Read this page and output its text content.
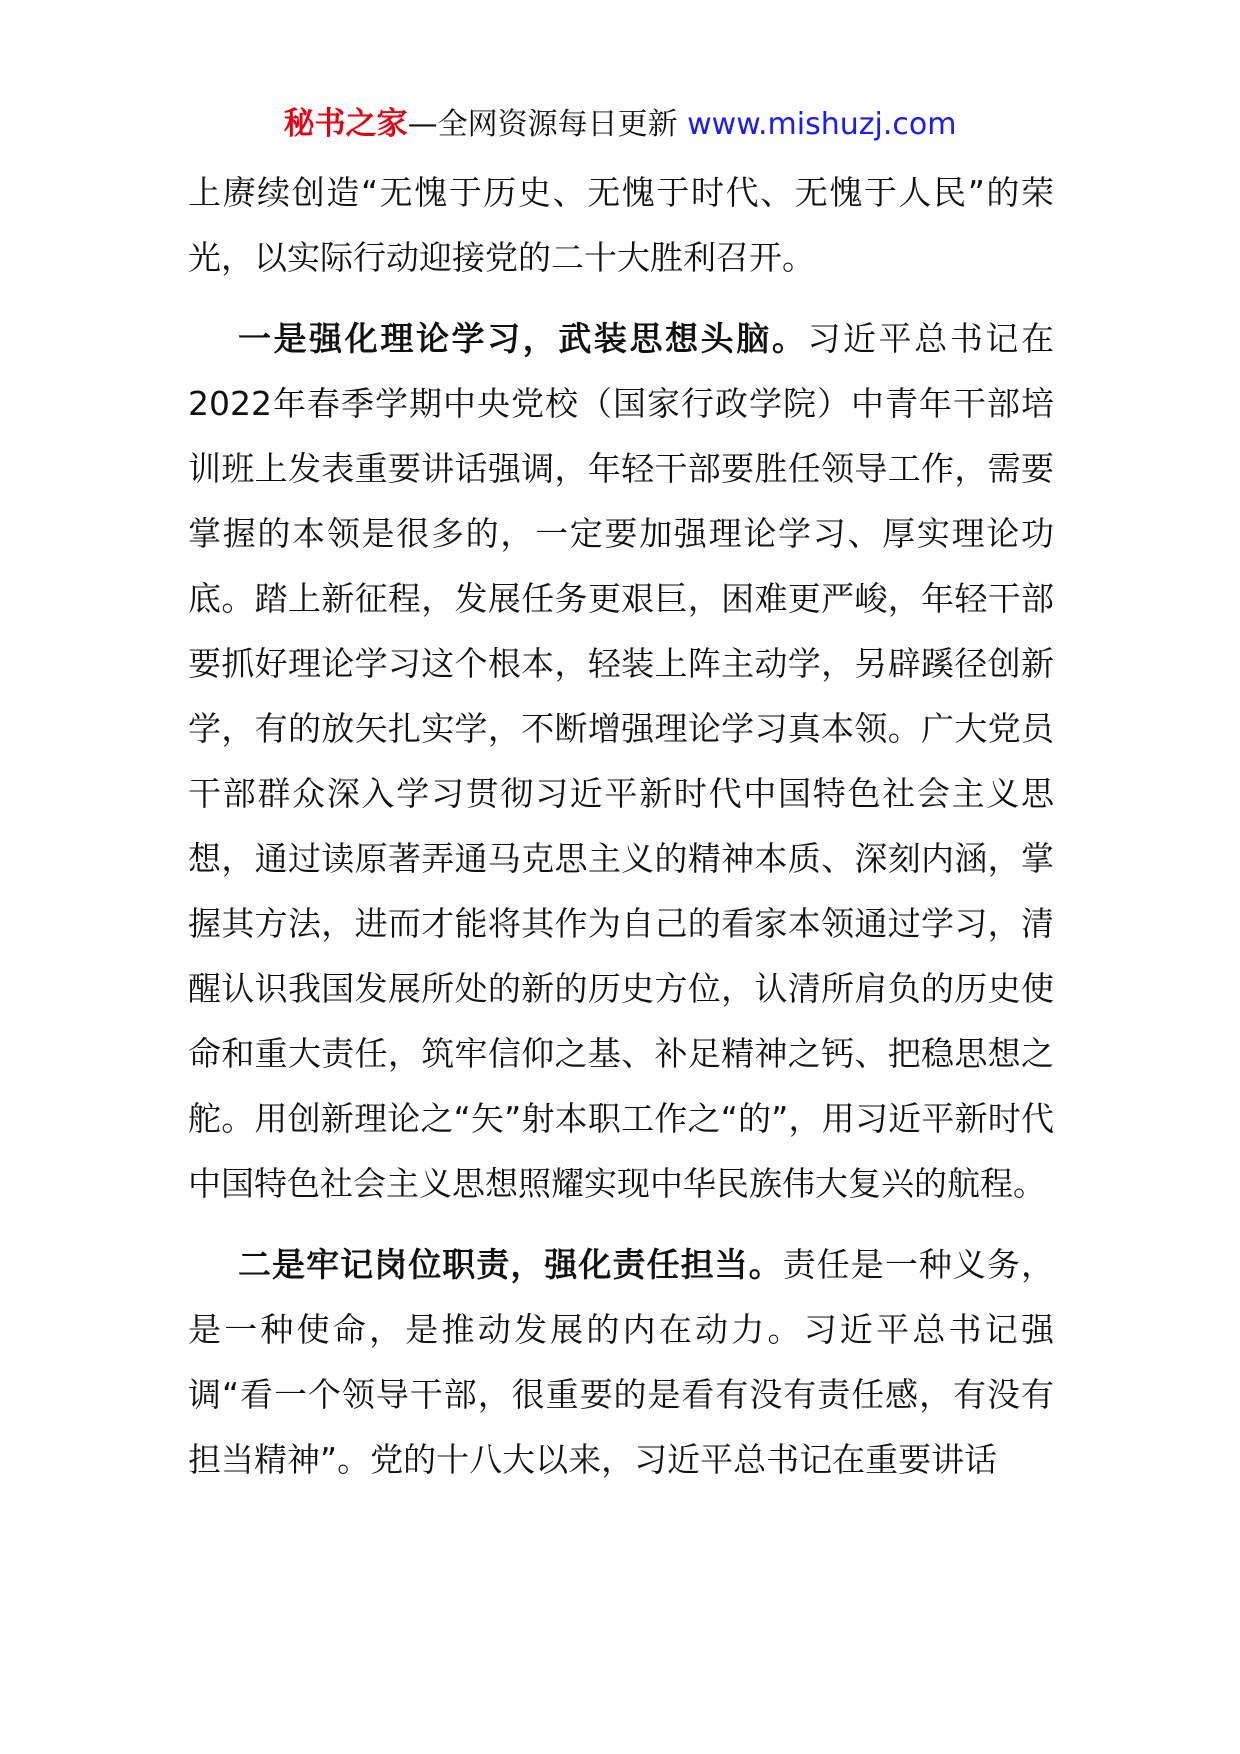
秘书之家—全网资源每日更新 www.mishuzj.com

上赓续创造“无愧于历史、无愧于时代、无愧于人民”的荣光，以实际行动迎接党的二十大胜利召开。

一是强化理论学习，武装思想头脑。习近平总书记在2022年春季学期中央党校（国家行政学院）中青年干部培训班上发表重要讲话强调，年轻干部要胜任领导工作，需要掌握的本领是很多的，一定要加强理论学习、厚实理论功底。踏上新征程，发展任务更艰巨，困难更严峻，年轻干部要抓好理论学习这个根本，轻装上阵主动学，另辟蹊径创新学，有的放矢扎实学，不断增强理论学习真本领。广大党员干部群众深入学习贯彻习近平新时代中国特色社会主义思想，通过读原著弄通马克思主义的精神本质、深刻内涵，掌握其方法，进而才能将其作为自己的看家本领通过学习，清醒认识我国发展所处的新的历史方位，认清所肩负的历史使命和重大责任，筑牢信仰之基、补足精神之钙、把稳思想之舵。用创新理论之“矢”射本职工作之“的”，用习近平新时代中国特色社会主义思想照耀实现中华民族伟大复兴的航程。

二是牢记岗位职责，强化责任担当。责任是一种义务，是一种使命，是推动发展的内在动力。习近平总书记强调“看一个领导干部，很重要的是看有没有责任感，有没有担当精神”。党的十八大以来，习近平总书记在重要讲话
